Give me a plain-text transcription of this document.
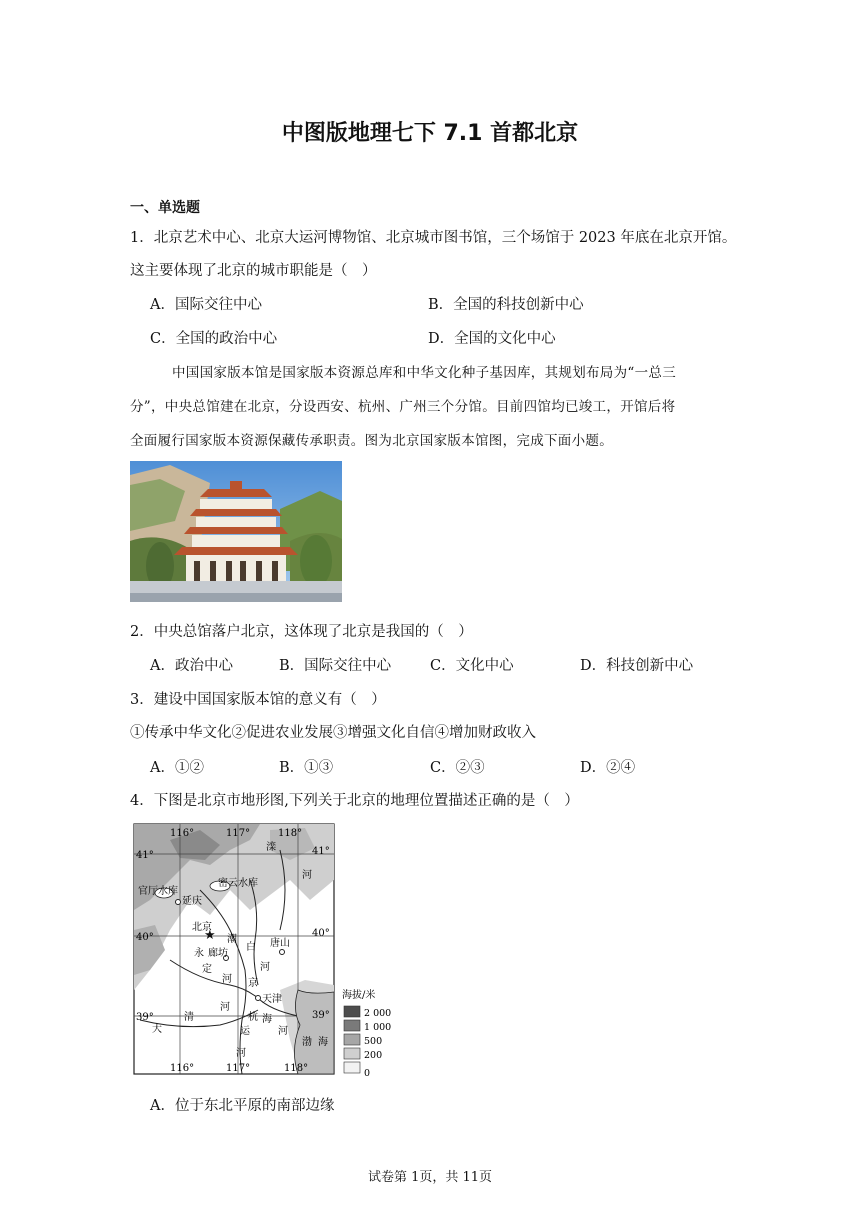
中图版地理七下 7.1 首都北京
一、单选题
1．北京艺术中心、北京大运河博物馆、北京城市图书馆，三个场馆于 2023 年底在北京开馆。
这主要体现了北京的城市职能是（　）
A．国际交往中心	B．全国的科技创新中心
C．全国的政治中心	D．全国的文化中心
中国国家版本馆是国家版本资源总库和中华文化种子基因库，其规划布局为“一总三
分”，中央总馆建在北京，分设西安、杭州、广州三个分馆。目前四馆均已竣工，开馆后将
全面履行国家版本资源保藏传承职责。图为北京国家版本馆图，完成下面小题。
2．中央总馆落户北京，这体现了北京是我国的（　）
A．政治中心	B．国际交往中心	C．文化中心	D．科技创新中心
3．建设中国国家版本馆的意义有（　）
①传承中华文化②促进农业发展③增强文化自信④增加财政收入
A．①②	B．①③	C．②③	D．②④
4．下图是北京市地形图,下列关于北京的地理位置描述正确的是（　）
★
116°	117°	118°
116°	117°	118°
41°
40°
39°
41°
40°
39°
官厅水库
密云水库
延庆
北京
唐山
天津
廊坊
滦
河
潮
白
河
永
定
河 京
河
杭 海
河
运
河
大
清
渤 海
海拔/米
2 000
1 000
500
200
0
A．位于东北平原的南部边缘
试卷第 1页，共 11页
